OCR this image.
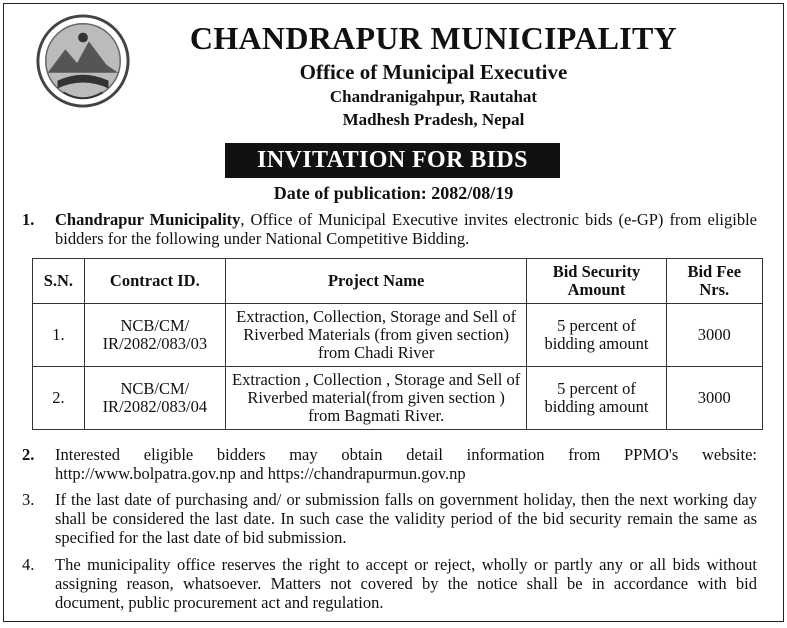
CHANDRAPUR MUNICIPALITY
Office of Municipal Executive
Chandranigahpur, Rautahat
Madhesh Pradesh, Nepal
INVITATION FOR BIDS
Date of publication: 2082/08/19
1.	Chandrapur Municipality, Office of Municipal Executive invites electronic bids (e-GP) from eligible bidders for the following under National Competitive Bidding.
S.N.	Contract ID.	Project Name	Bid Security Amount	Bid Fee Nrs.
1.	NCB/CM/ IR/2082/083/03	Extraction, Collection, Storage and Sell of Riverbed Materials (from given section) from Chadi River	5 percent of bidding amount	3000
2.	NCB/CM/ IR/2082/083/04	Extraction , Collection , Storage and Sell of Riverbed material(from given section ) from Bagmati River.	5 percent of bidding amount	3000
2.	Interested eligible bidders may obtain detail information from PPMO's website: http://www.bolpatra.gov.np and https://chandrapurmun.gov.np
3.	If the last date of purchasing and/ or submission falls on government holiday, then the next working day shall be considered the last date. In such case the validity period of the bid security remain the same as specified for the last date of bid submission.
4.	The municipality office reserves the right to accept or reject, wholly or partly any or all bids without assigning reason, whatsoever. Matters not covered by the notice shall be in accordance with bid document, public procurement act and regulation.
